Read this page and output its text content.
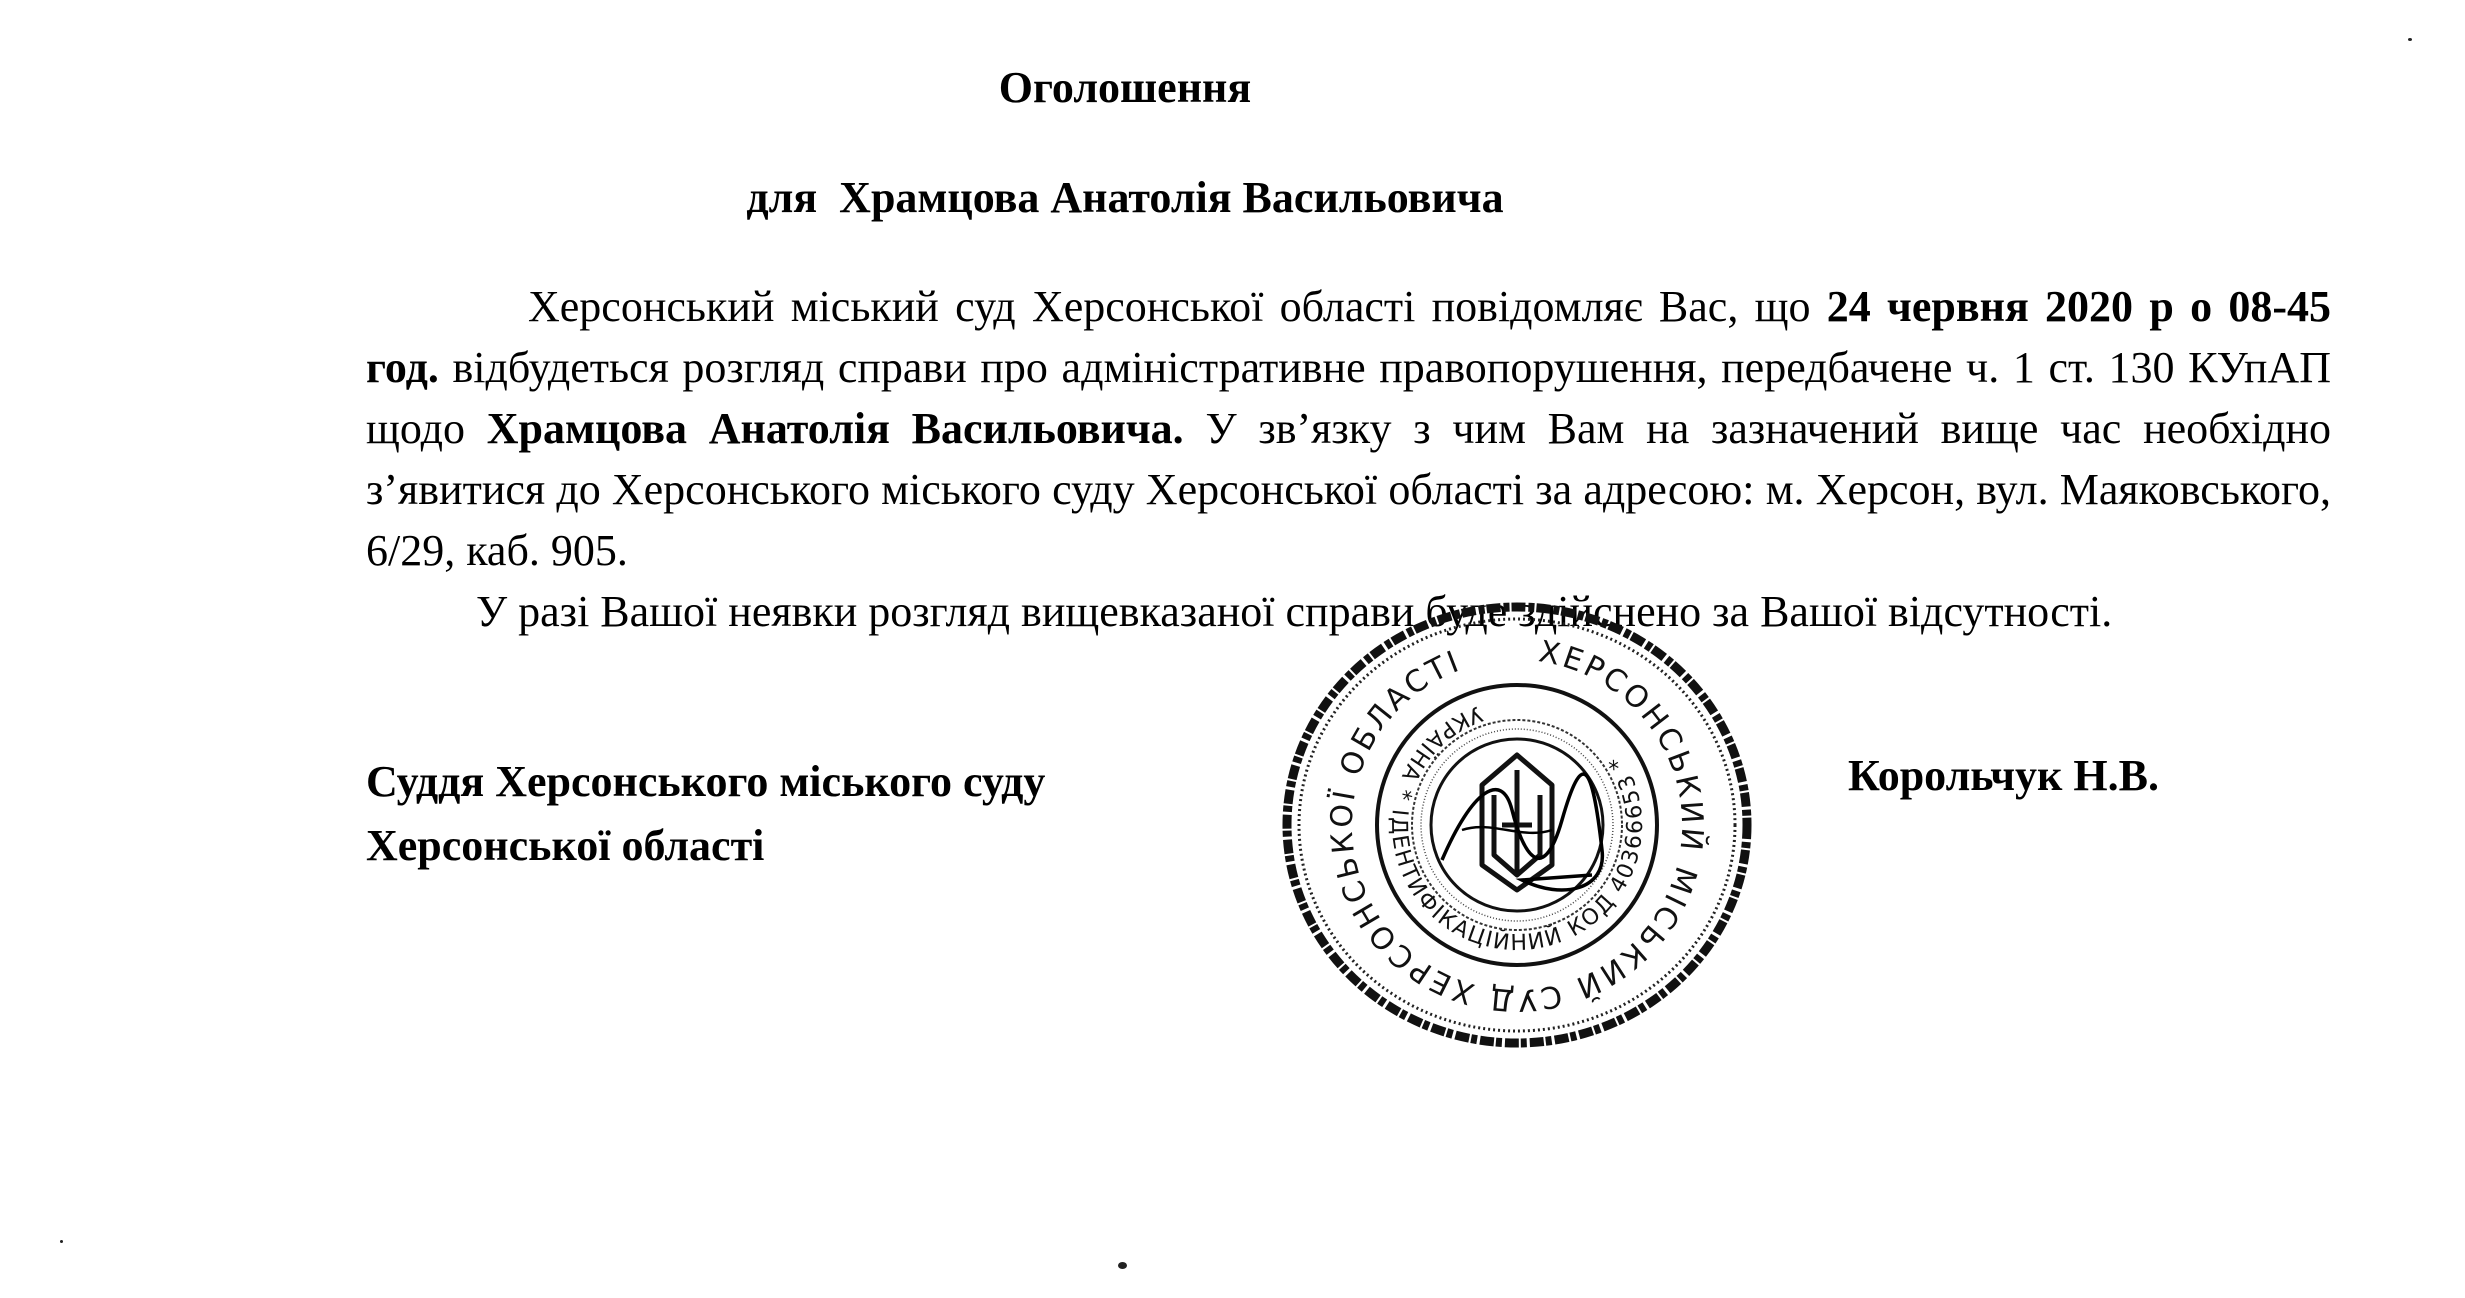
Оголошення
для  Храмцова Анатолія Васильовича

Херсонський міський суд Херсонської області повідомляє Вас, що 24 червня 2020 р о 08-45 год. відбудеться розгляд справи про адміністративне правопорушення, передбачене ч. 1 ст. 130 КУпАП щодо Храмцова Анатолія Васильовича. У зв’язку з чим Вам на зазначений вище час необхідно з’явитися до Херсонського міського суду Херсонської області за адресою: м. Херсон, вул. Маяковського, 6/29, каб. 905.

У разі Вашої неявки розгляд вищевказаної справи буде здійснено за Вашої відсутності.

Суддя Херсонського міського суду
Херсонської області
Корольчук Н.В.
ХЕРСОНСЬКИЙ МІСЬКИЙ СУД ХЕРСОНСЬКОЇ ОБЛАСТІ
УКРАЇНА * ІДЕНТИФІКАЦІЙНИЙ КОД 40366653 *
